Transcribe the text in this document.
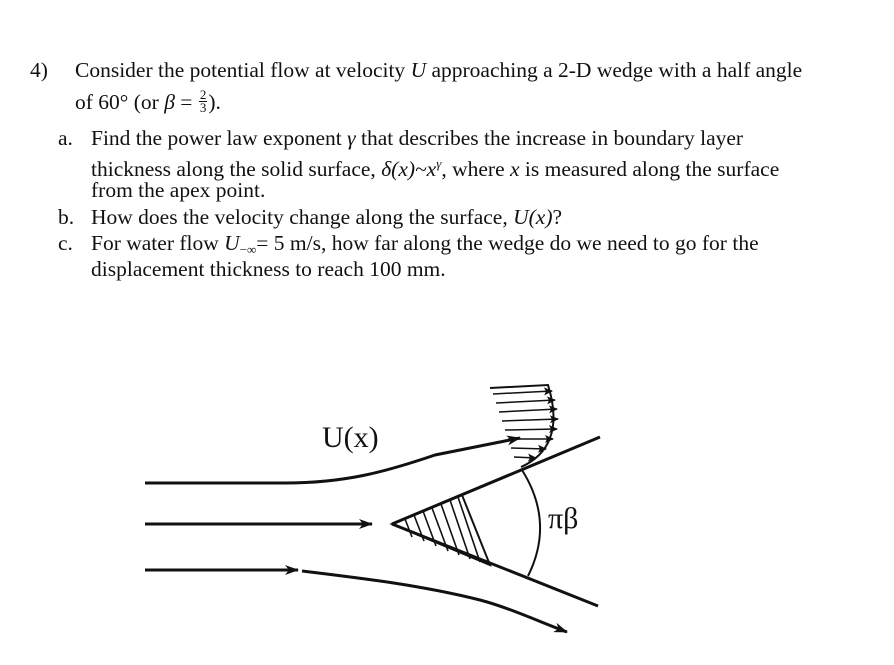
4) Consider the potential flow at velocity U approaching a 2-D wedge with a half angle
of 60° (or $\beta = \frac{2}{3}$ ).
a. Find the power law exponent γ that describes the increase in boundary layer
thickness along the solid surface, $\delta(x)\sim x^\gamma$, where x is measured along the surface
from the apex point.
b. How does the velocity change along the surface, U(x)?
c. For water flow $U_{-\infty}= 5$ m/s, how far along the wedge do we need to go for the
displacement thickness to reach 100 mm.
U(x)
πβ
